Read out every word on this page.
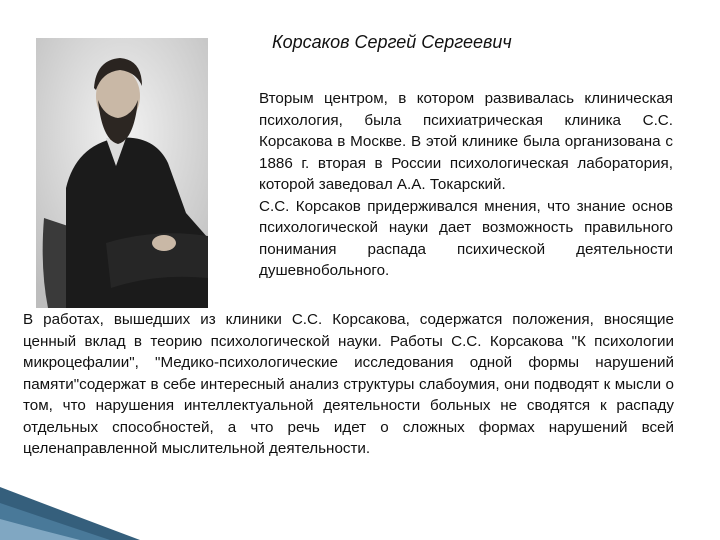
Корсаков Сергей Сергеевич

Вторым центром, в котором развивалась клиническая психология, была психиатрическая клиника С.С. Корсакова в Москве. В этой клинике была организована с 1886 г. вторая в России психологическая лаборатория, которой заведовал А.А. Токарский.

С.С. Корсаков придерживался мнения, что знание основ психологической науки дает возможность правильного понимания распада психической деятельности душевнобольного.

В работах, вышедших из клиники С.С. Корсакова, содержатся положения, вносящие ценный вклад в теорию психологической науки. Работы С.С. Корсакова "К психологии микроцефалии", "Медико-психологические исследования одной формы нарушений памяти"содержат в себе интересный анализ структуры слабоумия, они подводят к мысли о том, что нарушения интеллектуальной деятельности больных не сводятся к распаду отдельных способностей, а что речь идет о сложных формах нарушений всей целенаправленной мыслительной деятельности.
